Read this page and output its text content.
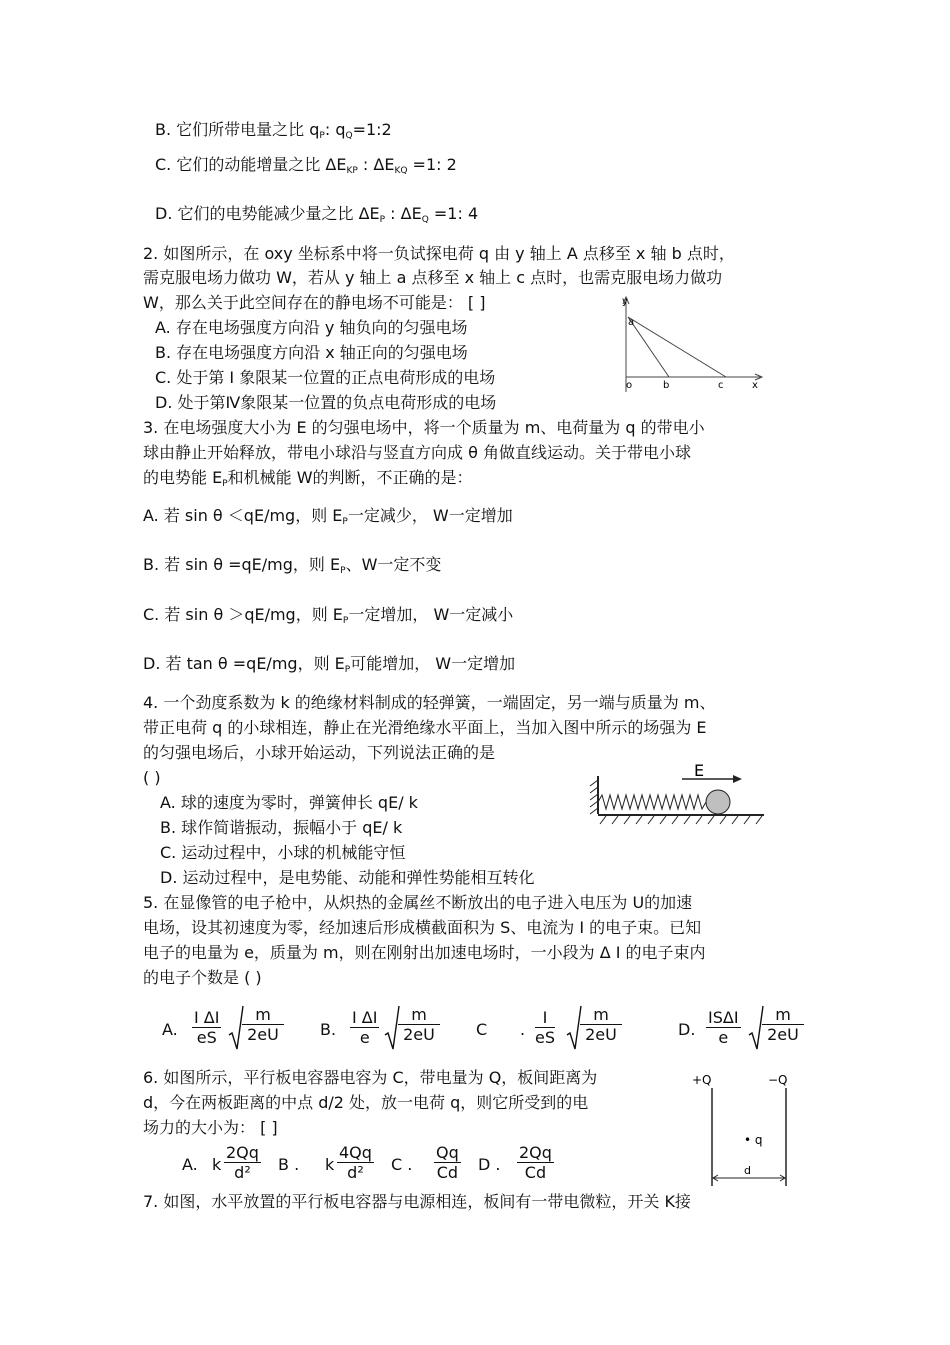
B. 它们所带电量之比 $q_P$: $q_Q=1:2$
C. 它们的动能增量之比 $\Delta E_{KP}$ : $\Delta E_{KQ} =1$: 2
D. 它们的电势能减少量之比 $\Delta E_P$ : $\Delta E_Q =1$: 4
2. 如图所示，在 oxy 坐标系中将一负试探电荷 q 由 y 轴上 A 点移至 x 轴 b 点时，
需克服电场力做功 W，若从 y 轴上 a 点移至 x 轴上 c 点时，也需克服电场力做功
W，那么关于此空间存在的静电场不可能是： [ ]
A. 存在电场强度方向沿 y 轴负向的匀强电场
B. 存在电场强度方向沿 x 轴正向的匀强电场
C. 处于第 I 象限某一位置的正点电荷形成的电场
D. 处于第Ⅳ象限某一位置的负点电荷形成的电场
y
a
o	b	c	x
3. 在电场强度大小为 E 的匀强电场中，将一个质量为 m、电荷量为 q 的带电小
球由静止开始释放，带电小球沿与竖直方向成 θ 角做直线运动。关于带电小球
的电势能 $E_P$和机械能 W的判断，不正确的是：
A. 若 sin θ ＜qE/mg，则 $E_P$一定减少， W一定增加
B. 若 sin θ =qE/mg，则 $E_P$、W一定不变
C. 若 sin θ ＞qE/mg，则 $E_P$一定增加， W一定减小
D. 若 tan θ =qE/mg，则 $E_P$可能增加， W一定增加
4. 一个劲度系数为 k 的绝缘材料制成的轻弹簧，一端固定，另一端与质量为 m、
带正电荷 q 的小球相连，静止在光滑绝缘水平面上，当加入图中所示的场强为 E
的匀强电场后，小球开始运动，下列说法正确的是
( )
A. 球的速度为零时，弹簧伸长 qE/ k
B. 球作简谐振动，振幅小于 qE/ k
C. 运动过程中，小球的机械能守恒
D. 运动过程中，是电势能、动能和弹性势能相互转化
E
5. 在显像管的电子枪中，从炽热的金属丝不断放出的电子进入电压为 U的加速
电场，设其初速度为零，经加速后形成横截面积为 S、电流为 I 的电子束。已知
电子的电量为 e，质量为 m，则在刚射出加速电场时，一小段为 Δ I 的电子束内
的电子个数是 ( )
A. $\frac{\text{I ΔI}}{eS} \frac{m}{2eU} B$. $\frac{\text{I ΔI}}{e} \frac{m}{2eU}$ C . $\frac{I}{eS} \frac{m}{2eU}$	D.
ISΔI
e	$\frac{m}{2eU}$
6. 如图所示，平行板电容器电容为 C，带电量为 Q，板间距离为
d，今在两板距离的中点 d/2 处，放一电荷 q，则它所受到的电
场力的大小为： [ ]
A. k $\frac{2Qq}{\text{d²}}$ B . k $\frac{4Qq}{\text{d²}}$ C . $\frac{Qq}{Cd}$ D . $\frac{2Qq}{Cd}$
+Q	−Q
• q
d
7. 如图，水平放置的平行板电容器与电源相连，板间有一带电微粒，开关 K接
